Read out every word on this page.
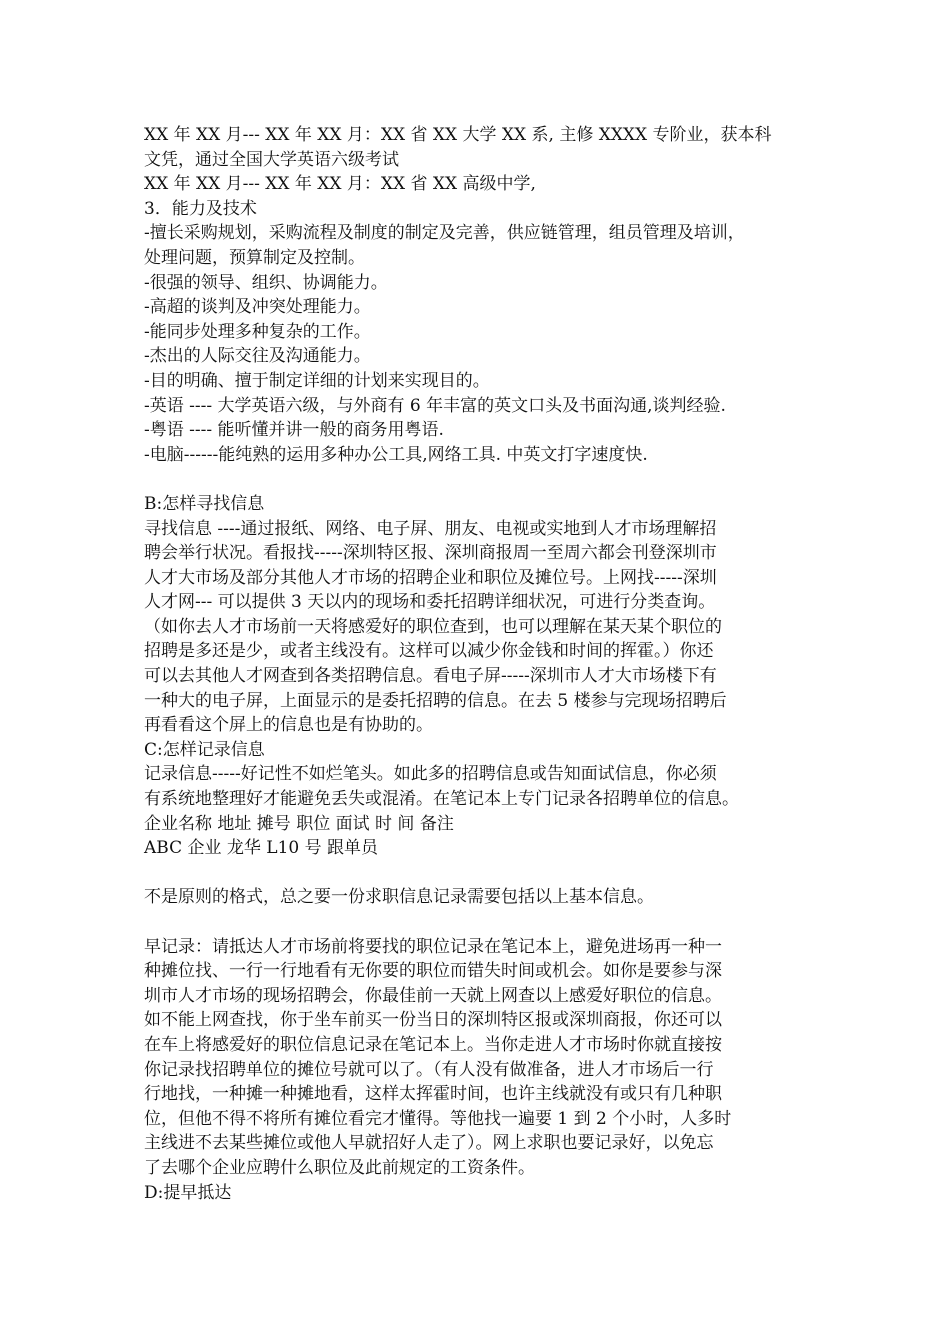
XX 年 XX 月--- XX 年 XX 月：XX 省 XX 大学 XX 系, 主修 XXXX 专阶业，获本科
文凭，通过全国大学英语六级考试
XX 年 XX 月--- XX 年 XX 月：XX 省 XX 高级中学,
3．能力及技术
-擅长采购规划，采购流程及制度的制定及完善，供应链管理，组员管理及培训，
处理问题，预算制定及控制。
-很强的领导、组织、协调能力。
-高超的谈判及冲突处理能力。
-能同步处理多种复杂的工作。
-杰出的人际交往及沟通能力。
-目的明确、擅于制定详细的计划来实现目的。
-英语 ---- 大学英语六级，与外商有 6 年丰富的英文口头及书面沟通,谈判经验.
-粤语 ---- 能听懂并讲一般的商务用粤语.
-电脑------能纯熟的运用多种办公工具,网络工具. 中英文打字速度快.
B:怎样寻找信息
寻找信息 ----通过报纸、网络、电子屏、朋友、电视或实地到人才市场理解招
聘会举行状况。看报找-----深圳特区报、深圳商报周一至周六都会刊登深圳市
人才大市场及部分其他人才市场的招聘企业和职位及摊位号。上网找-----深圳
人才网--- 可以提供 3 天以内的现场和委托招聘详细状况，可进行分类查询。
（如你去人才市场前一天将感爱好的职位查到，也可以理解在某天某个职位的
招聘是多还是少，或者主线没有。这样可以减少你金钱和时间的挥霍。）你还
可以去其他人才网查到各类招聘信息。看电子屏-----深圳市人才大市场楼下有
一种大的电子屏，上面显示的是委托招聘的信息。在去 5 楼参与完现场招聘后
再看看这个屏上的信息也是有协助的。
C:怎样记录信息
记录信息-----好记性不如烂笔头。如此多的招聘信息或告知面试信息，你必须
有系统地整理好才能避免丢失或混淆。在笔记本上专门记录各招聘单位的信息。
企业名称 地址 摊号 职位 面试 时 间 备注
ABC 企业 龙华 L10 号 跟单员
不是原则的格式，总之要一份求职信息记录需要包括以上基本信息。
早记录：请抵达人才市场前将要找的职位记录在笔记本上，避免进场再一种一
种摊位找、一行一行地看有无你要的职位而错失时间或机会。如你是要参与深
圳市人才市场的现场招聘会，你最佳前一天就上网查以上感爱好职位的信息。
如不能上网查找，你于坐车前买一份当日的深圳特区报或深圳商报，你还可以
在车上将感爱好的职位信息记录在笔记本上。当你走进人才市场时你就直接按
你记录找招聘单位的摊位号就可以了。（有人没有做准备，进人才市场后一行
行地找，一种摊一种摊地看，这样太挥霍时间，也许主线就没有或只有几种职
位，但他不得不将所有摊位看完才懂得。等他找一遍要 1 到 2 个小时，人多时
主线进不去某些摊位或他人早就招好人走了）。网上求职也要记录好，以免忘
了去哪个企业应聘什么职位及此前规定的工资条件。
D:提早抵达
